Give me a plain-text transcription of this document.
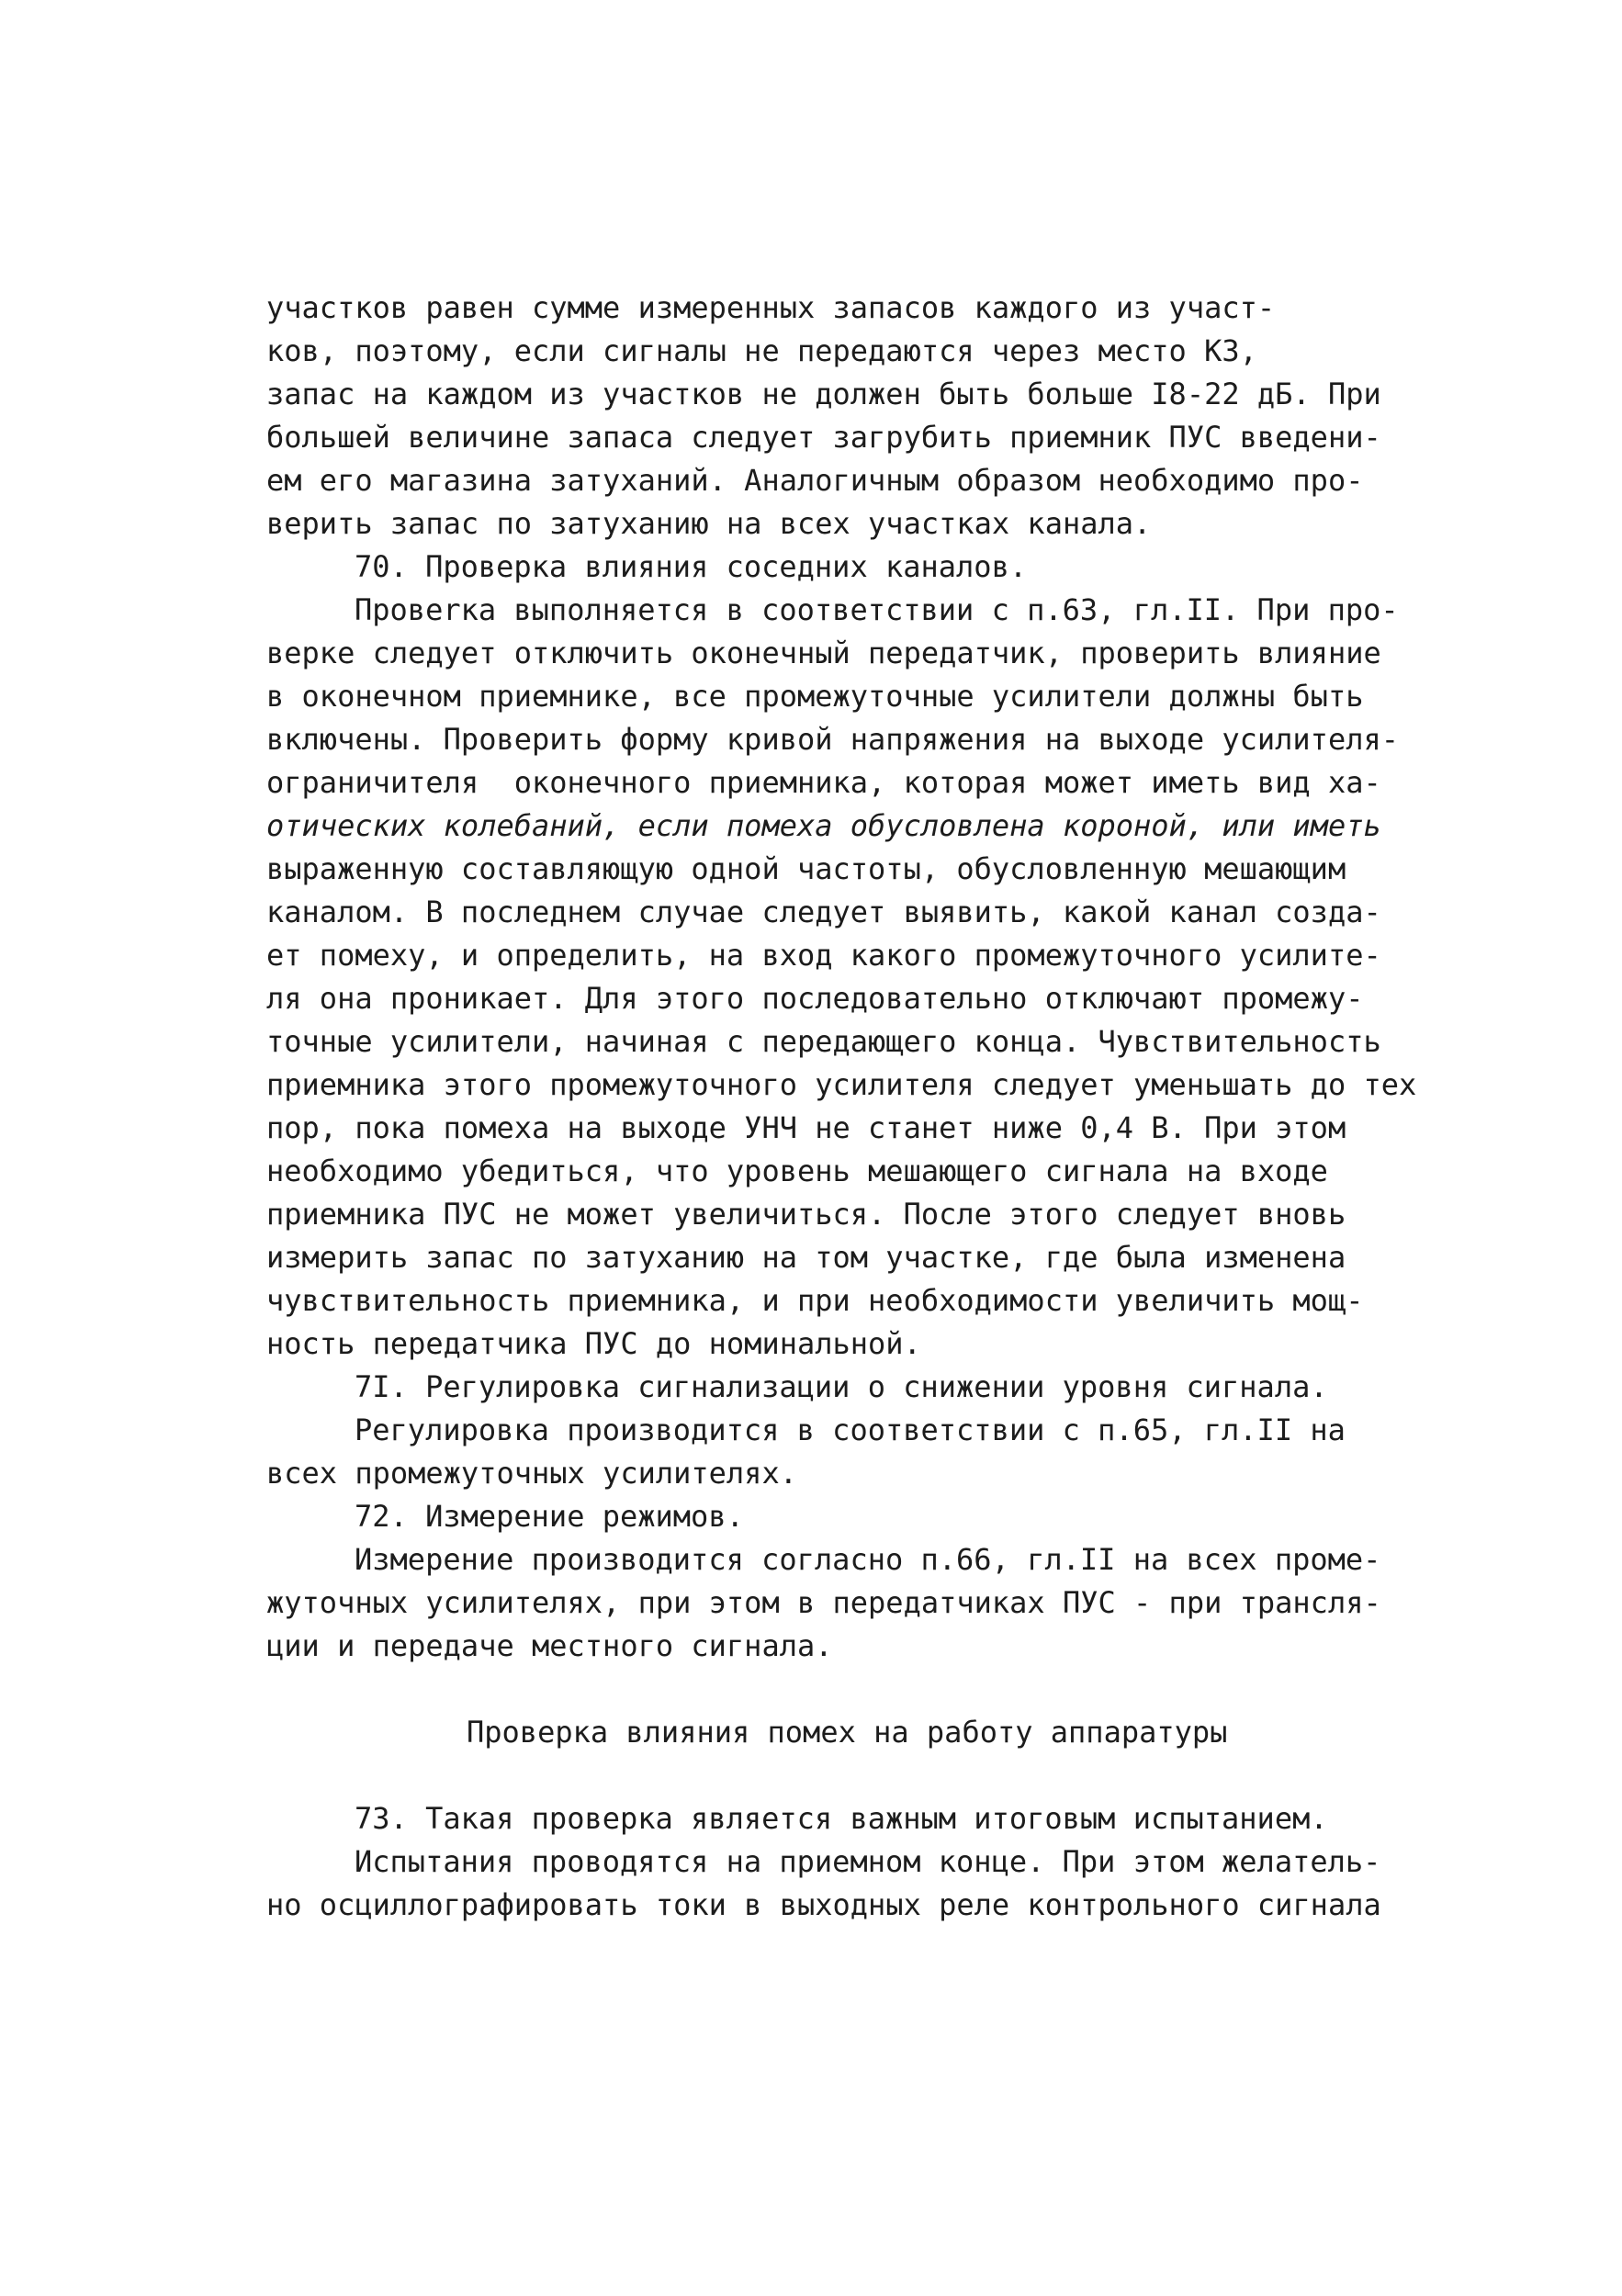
участков равен сумме измеренных запасов каждого из участ-
ков, поэтому, если сигналы не передаются через место КЗ,
запас на каждом из участков не должен быть больше I8-22 дБ. При
большей величине запаса следует загрубить приемник ПУС введени-
ем его магазина затуханий. Аналогичным образом необходимо про-
верить запас по затуханию на всех участках канала.
70. Проверка влияния соседних каналов.
Провеrка выполняется в соответствии с п.63, гл.II. При про-
верке следует отключить оконечный передатчик, проверить влияние
в оконечном приемнике, все промежуточные усилители должны быть
включены. Проверить форму кривой напряжения на выходе усилителя-
ограничителя  оконечного приемника, которая может иметь вид ха-
отических колебаний, если помеха обусловлена короной, или иметь
выраженную составляющую одной частоты, обусловленную мешающим
каналом. В последнем случае следует выявить, какой канал созда-
ет помеху, и определить, на вход какого промежуточного усилите-
ля она проникает. Для этого последовательно отключают промежу-
точные усилители, начиная с передающего конца. Чувствительность
приемника этого промежуточного усилителя следует уменьшать до тех
пор, пока помеха на выходе УНЧ не станет ниже 0,4 В. При этом
необходимо убедиться, что уровень мешающего сигнала на входе
приемника ПУС не может увеличиться. После этого следует вновь
измерить запас по затуханию на том участке, где была изменена
чувствительность приемника, и при необходимости увеличить мощ-
ность передатчика ПУС до номинальной.
7I. Регулировка сигнализации о снижении уровня сигнала.
Регулировка производится в соответствии с п.65, гл.II на
всех промежуточных усилителях.
72. Измерение режимов.
Измерение производится согласно п.66, гл.II на всех проме-
жуточных усилителях, при этом в передатчиках ПУС - при трансля-
ции и передаче местного сигнала.
Проверка влияния помех на работу аппаратуры
73. Такая проверка является важным итоговым испытанием.
Испытания проводятся на приемном конце. При этом желатель-
но осциллографировать токи в выходных реле контрольного сигнала
